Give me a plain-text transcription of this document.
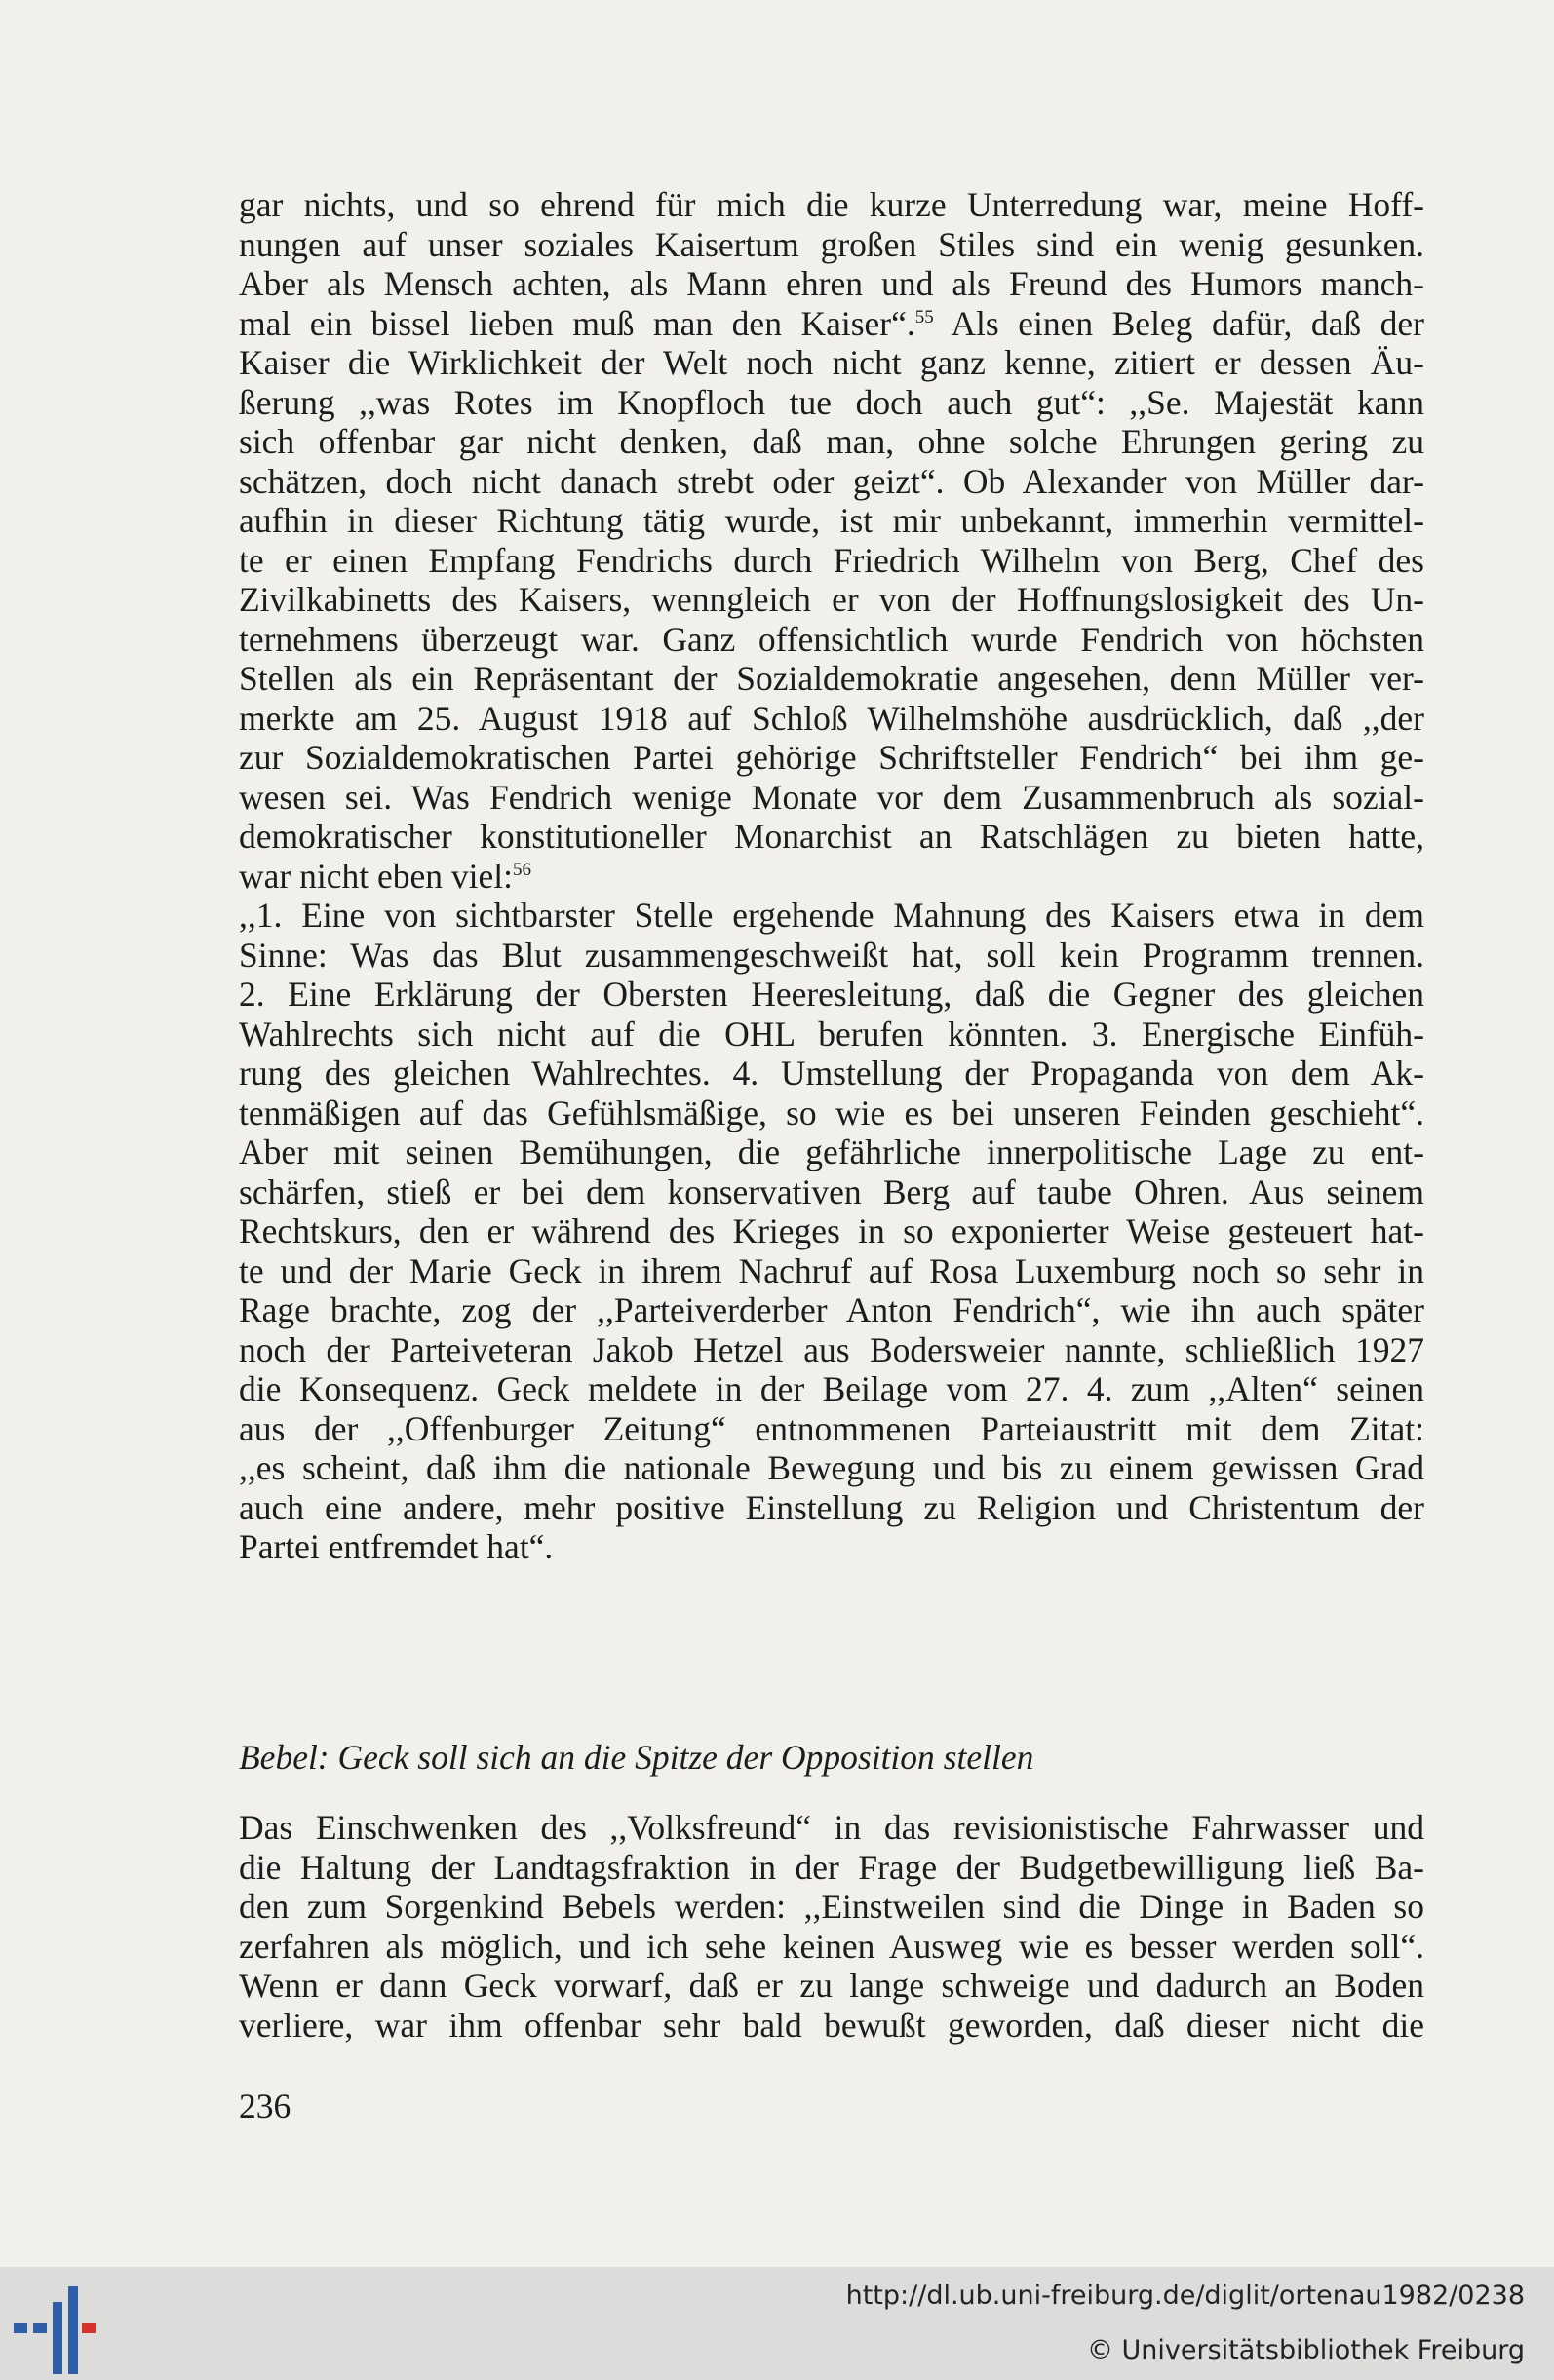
gar nichts, und so ehrend für mich die kurze Unterredung war, meine Hoff-
nungen auf unser soziales Kaisertum großen Stiles sind ein wenig gesunken.
Aber als Mensch achten, als Mann ehren und als Freund des Humors manch-
mal ein bissel lieben muß man den Kaiser“.$^{55}$ Als einen Beleg dafür, daß der
Kaiser die Wirklichkeit der Welt noch nicht ganz kenne, zitiert er dessen Äu-
ßerung ,,was Rotes im Knopfloch tue doch auch gut“: ,,Se. Majestät kann
sich offenbar gar nicht denken, daß man, ohne solche Ehrungen gering zu
schätzen, doch nicht danach strebt oder geizt“. Ob Alexander von Müller dar-
aufhin in dieser Richtung tätig wurde, ist mir unbekannt, immerhin vermittel-
te er einen Empfang Fendrichs durch Friedrich Wilhelm von Berg, Chef des
Zivilkabinetts des Kaisers, wenngleich er von der Hoffnungslosigkeit des Un-
ternehmens überzeugt war. Ganz offensichtlich wurde Fendrich von höchsten
Stellen als ein Repräsentant der Sozialdemokratie angesehen, denn Müller ver-
merkte am 25. August 1918 auf Schloß Wilhelmshöhe ausdrücklich, daß ,,der
zur Sozialdemokratischen Partei gehörige Schriftsteller Fendrich“ bei ihm ge-
wesen sei. Was Fendrich wenige Monate vor dem Zusammenbruch als sozial-
demokratischer konstitutioneller Monarchist an Ratschlägen zu bieten hatte,
war nicht eben viel:$^{56}$
,,1. Eine von sichtbarster Stelle ergehende Mahnung des Kaisers etwa in dem
Sinne: Was das Blut zusammengeschweißt hat, soll kein Programm trennen.
2. Eine Erklärung der Obersten Heeresleitung, daß die Gegner des gleichen
Wahlrechts sich nicht auf die OHL berufen könnten. 3. Energische Einfüh-
rung des gleichen Wahlrechtes. 4. Umstellung der Propaganda von dem Ak-
tenmäßigen auf das Gefühlsmäßige, so wie es bei unseren Feinden geschieht“.
Aber mit seinen Bemühungen, die gefährliche innerpolitische Lage zu ent-
schärfen, stieß er bei dem konservativen Berg auf taube Ohren. Aus seinem
Rechtskurs, den er während des Krieges in so exponierter Weise gesteuert hat-
te und der Marie Geck in ihrem Nachruf auf Rosa Luxemburg noch so sehr in
Rage brachte, zog der ,,Parteiverderber Anton Fendrich“, wie ihn auch später
noch der Parteiveteran Jakob Hetzel aus Bodersweier nannte, schließlich 1927
die Konsequenz. Geck meldete in der Beilage vom 27. 4. zum ,,Alten“ seinen
aus der ,,Offenburger Zeitung“ entnommenen Parteiaustritt mit dem Zitat:
,,es scheint, daß ihm die nationale Bewegung und bis zu einem gewissen Grad
auch eine andere, mehr positive Einstellung zu Religion und Christentum der
Partei entfremdet hat“.
Bebel: Geck soll sich an die Spitze der Opposition stellen
Das Einschwenken des ,,Volksfreund“ in das revisionistische Fahrwasser und
die Haltung der Landtagsfraktion in der Frage der Budgetbewilligung ließ Ba-
den zum Sorgenkind Bebels werden: ,,Einstweilen sind die Dinge in Baden so
zerfahren als möglich, und ich sehe keinen Ausweg wie es besser werden soll“.
Wenn er dann Geck vorwarf, daß er zu lange schweige und dadurch an Boden
verliere, war ihm offenbar sehr bald bewußt geworden, daß dieser nicht die
236
http://dl.ub.uni-freiburg.de/diglit/ortenau1982/0238
© Universitätsbibliothek Freiburg
